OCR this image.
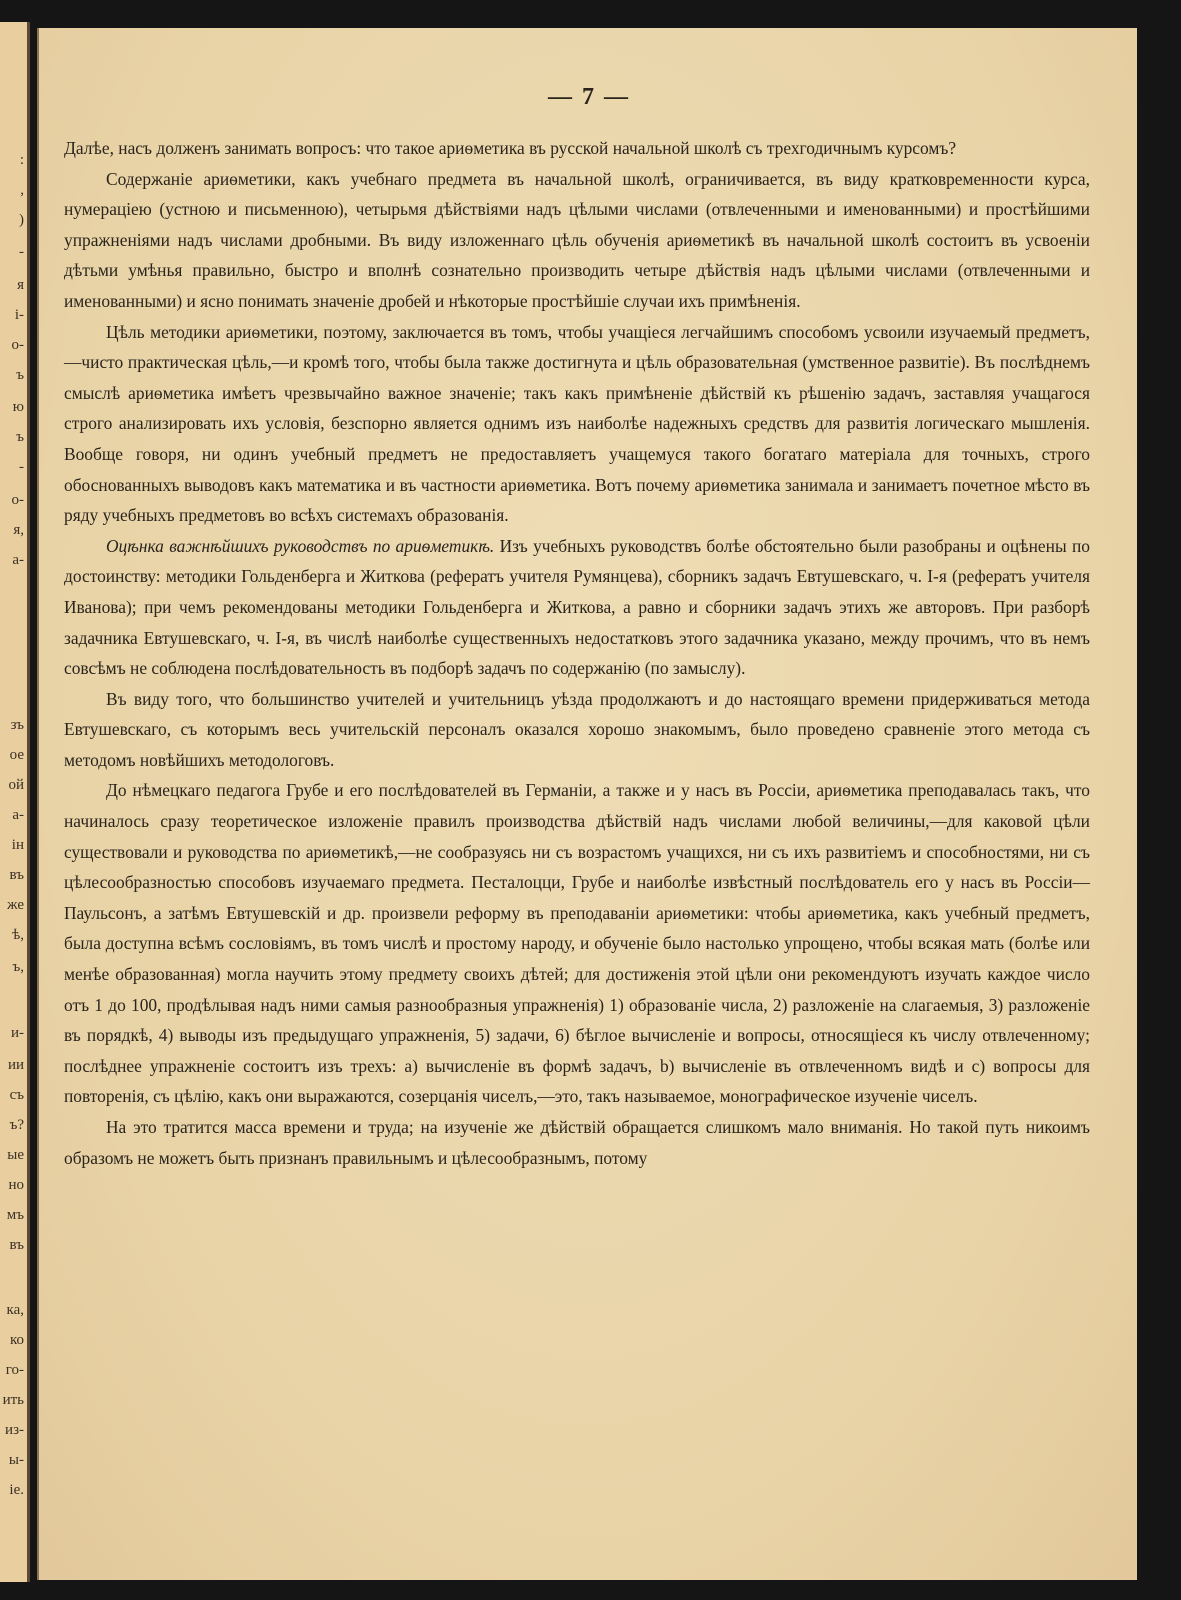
:
,
)
-
я
і-
о-
ъ
ю
ъ
-
о-
я,
а-
зъ
ое
ой
а-
ін
въ
же
ѣ,
ъ,
и-
ии
съ
ъ?
ые
но
мъ
въ
ка,
ко
го-
ить
из-
ы-
іе.
— 7 —

Далѣе, насъ долженъ занимать вопросъ: что такое ариѳметика въ русской начальной школѣ съ трехгодичнымъ курсомъ?

Содержаніе ариѳметики, какъ учебнаго предмета въ начальной школѣ, ограничивается, въ виду кратковременности курса, нумераціею (устною и письменною), четырьмя дѣйствіями надъ цѣлыми числами (отвлеченными и именованными) и простѣйшими упражненіями надъ числами дробными. Въ виду изложеннаго цѣль обученія ариѳметикѣ въ начальной школѣ состоитъ въ усвоеніи дѣтьми умѣнья правильно, быстро и вполнѣ сознательно производить четыре дѣйствія надъ цѣлыми числами (отвлеченными и именованными) и ясно понимать значеніе дробей и нѣкоторые простѣйшіе случаи ихъ примѣненія.

Цѣль методики ариѳметики, поэтому, заключается въ томъ, чтобы учащіеся легчайшимъ способомъ усвоили изучаемый предметъ,—чисто практическая цѣль,—и кромѣ того, чтобы была также достигнута и цѣль образовательная (умственное развитіе). Въ послѣднемъ смыслѣ ариѳметика имѣетъ чрезвычайно важное значеніе; такъ какъ примѣненіе дѣйствій къ рѣшенію задачъ, заставляя учащагося строго анализировать ихъ условія, безспорно является однимъ изъ наиболѣе надежныхъ средствъ для развитія логическаго мышленія. Вообще говоря, ни одинъ учебный предметъ не предоставляетъ учащемуся такого богатаго матеріала для точныхъ, строго обоснованныхъ выводовъ какъ математика и въ частности ариѳметика. Вотъ почему ариѳметика занимала и занимаетъ почетное мѣсто въ ряду учебныхъ предметовъ во всѣхъ системахъ образованія.

Оцѣнка важнѣйшихъ руководствъ по ариѳметикѣ. Изъ учебныхъ руководствъ болѣе обстоятельно были разобраны и оцѣнены по достоинству: методики Гольденберга и Житкова (рефератъ учителя Румянцева), сборникъ задачъ Евтушевскаго, ч. I-я (рефератъ учителя Иванова); при чемъ рекомендованы методики Гольденберга и Житкова, а равно и сборники задачъ этихъ же авторовъ. При разборѣ задачника Евтушевскаго, ч. I-я, въ числѣ наиболѣе существенныхъ недостатковъ этого задачника указано, между прочимъ, что въ немъ совсѣмъ не соблюдена послѣдовательность въ подборѣ задачъ по содержанію (по замыслу).

Въ виду того, что большинство учителей и учительницъ уѣзда продолжаютъ и до настоящаго времени придерживаться метода Евтушевскаго, съ которымъ весь учительскій персоналъ оказался хорошо знакомымъ, было проведено сравненіе этого метода съ методомъ новѣйшихъ методологовъ.

До нѣмецкаго педагога Грубе и его послѣдователей въ Германіи, а также и у насъ въ Россіи, ариѳметика преподавалась такъ, что начиналось сразу теоретическое изложеніе правилъ производства дѣйствій надъ числами любой величины,—для каковой цѣли существовали и руководства по ариѳметикѣ,—не сообразуясь ни съ возрастомъ учащихся, ни съ ихъ развитіемъ и способностями, ни съ цѣлесообразностью способовъ изучаемаго предмета. Песталоцци, Грубе и наиболѣе извѣстный послѣдователь его у насъ въ Россіи—Паульсонъ, а затѣмъ Евтушевскій и др. произвели реформу въ преподаваніи ариѳметики: чтобы ариѳметика, какъ учебный предметъ, была доступна всѣмъ сословіямъ, въ томъ числѣ и простому народу, и обученіе было настолько упрощено, чтобы всякая мать (болѣе или менѣе образованная) могла научить этому предмету своихъ дѣтей; для достиженія этой цѣли они рекомендуютъ изучать каждое число отъ 1 до 100, продѣлывая надъ ними самыя разнообразныя упражненія) 1) образованіе числа, 2) разложеніе на слагаемыя, 3) разложеніе въ порядкѣ, 4) выводы изъ предыдущаго упражненія, 5) задачи, 6) бѣглое вычисленіе и вопросы, относящіеся къ числу отвлеченному; послѣднее упражненіе состоитъ изъ трехъ: a) вычисленіе въ формѣ задачъ, b) вычисленіе въ отвлеченномъ видѣ и c) вопросы для повторенія, съ цѣлію, какъ они выражаются, созерцанія чиселъ,—это, такъ называемое, монографическое изученіе чиселъ.

На это тратится масса времени и труда; на изученіе же дѣйствій обращается слишкомъ мало вниманія. Но такой путь никоимъ образомъ не можетъ быть признанъ правильнымъ и цѣлесообразнымъ, потому
